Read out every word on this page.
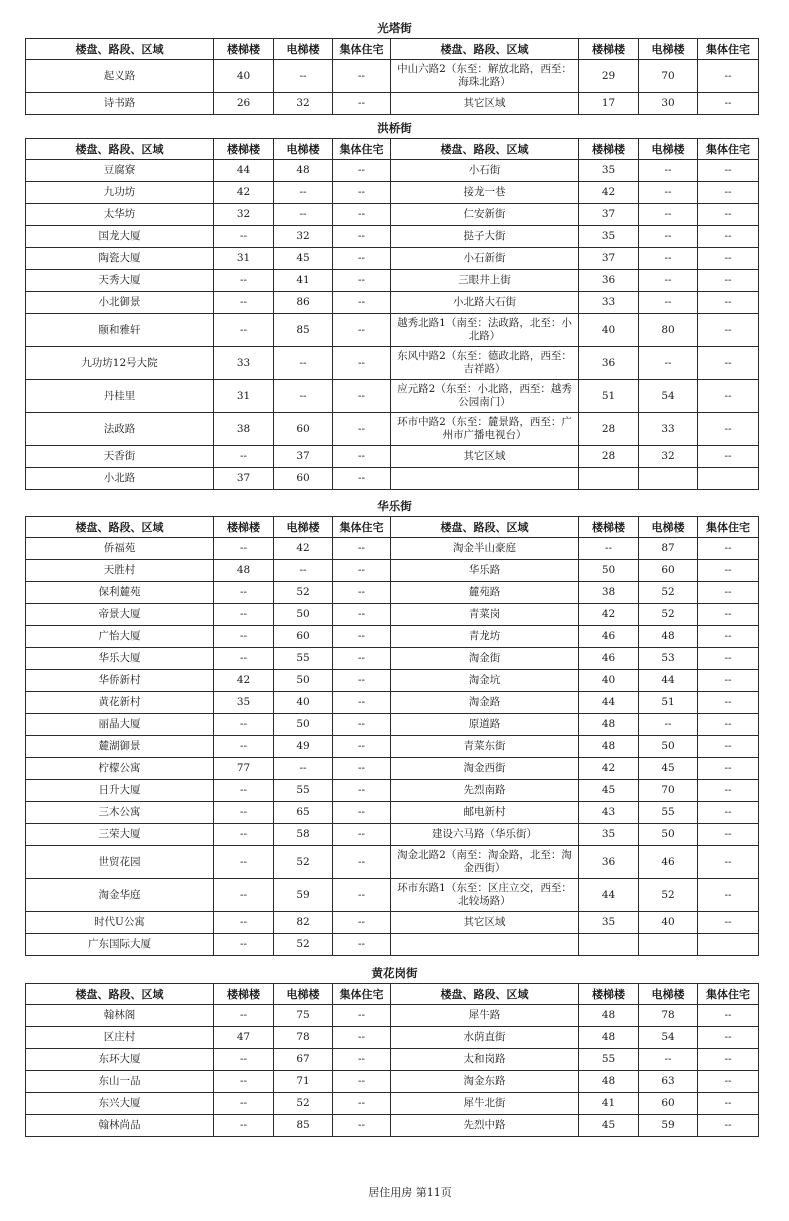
光塔街
洪桥街
华乐街
黄花岗街
楼盘、路段、区域	楼梯楼	电梯楼	集体住宅	楼盘、路段、区域	楼梯楼	电梯楼	集体住宅
起义路	40	--	--	中山六路2（东至：解放北路，西至：海珠北路）	29	70	--
诗书路	26	32	--	其它区域	17	30	--
楼盘、路段、区域	楼梯楼	电梯楼	集体住宅	楼盘、路段、区域	楼梯楼	电梯楼	集体住宅
豆腐寮	44	48	--	小石街	35	--	--
九功坊	42	--	--	接龙一巷	42	--	--
太华坊	32	--	--	仁安新街	37	--	--
国龙大厦	--	32	--	挞子大街	35	--	--
陶瓷大厦	31	45	--	小石新街	37	--	--
天秀大厦	--	41	--	三眼井上街	36	--	--
小北御景	--	86	--	小北路大石街	33	--	--
颐和雅轩	--	85	--	越秀北路1（南至：法政路，北至：小北路）	40	80	--
九功坊12号大院	33	--	--	东风中路2（东至：德政北路，西至：吉祥路）	36	--	--
丹桂里	31	--	--	应元路2（东至：小北路，西至：越秀公园南门）	51	54	--
法政路	38	60	--	环市中路2（东至：麓景路，西至：广州市广播电视台）	28	33	--
天香街	--	37	--	其它区域	28	32	--
小北路	37	60	--				
楼盘、路段、区域	楼梯楼	电梯楼	集体住宅	楼盘、路段、区域	楼梯楼	电梯楼	集体住宅
侨福苑	--	42	--	淘金半山豪庭	--	87	--
天胜村	48	--	--	华乐路	50	60	--
保利麓苑	--	52	--	麓苑路	38	52	--
帝景大厦	--	50	--	青菜岗	42	52	--
广怡大厦	--	60	--	青龙坊	46	48	--
华乐大厦	--	55	--	淘金街	46	53	--
华侨新村	42	50	--	淘金坑	40	44	--
黄花新村	35	40	--	淘金路	44	51	--
丽晶大厦	--	50	--	原道路	48	--	--
麓湖御景	--	49	--	青菜东街	48	50	--
柠檬公寓	77	--	--	淘金西街	42	45	--
日升大厦	--	55	--	先烈南路	45	70	--
三木公寓	--	65	--	邮电新村	43	55	--
三荣大厦	--	58	--	建设六马路（华乐街）	35	50	--
世贸花园	--	52	--	淘金北路2（南至：淘金路，北至：淘金西街）	36	46	--
淘金华庭	--	59	--	环市东路1（东至：区庄立交，西至：北较场路）	44	52	--
时代U公寓	--	82	--	其它区域	35	40	--
广东国际大厦	--	52	--				
楼盘、路段、区域	楼梯楼	电梯楼	集体住宅	楼盘、路段、区域	楼梯楼	电梯楼	集体住宅
翰林阁	--	75	--	犀牛路	48	78	--
区庄村	47	78	--	水荫直街	48	54	--
东环大厦	--	67	--	太和岗路	55	--	--
东山一品	--	71	--	淘金东路	48	63	--
东兴大厦	--	52	--	犀牛北街	41	60	--
翰林尚品	--	85	--	先烈中路	45	59	--
居住用房 第11页
